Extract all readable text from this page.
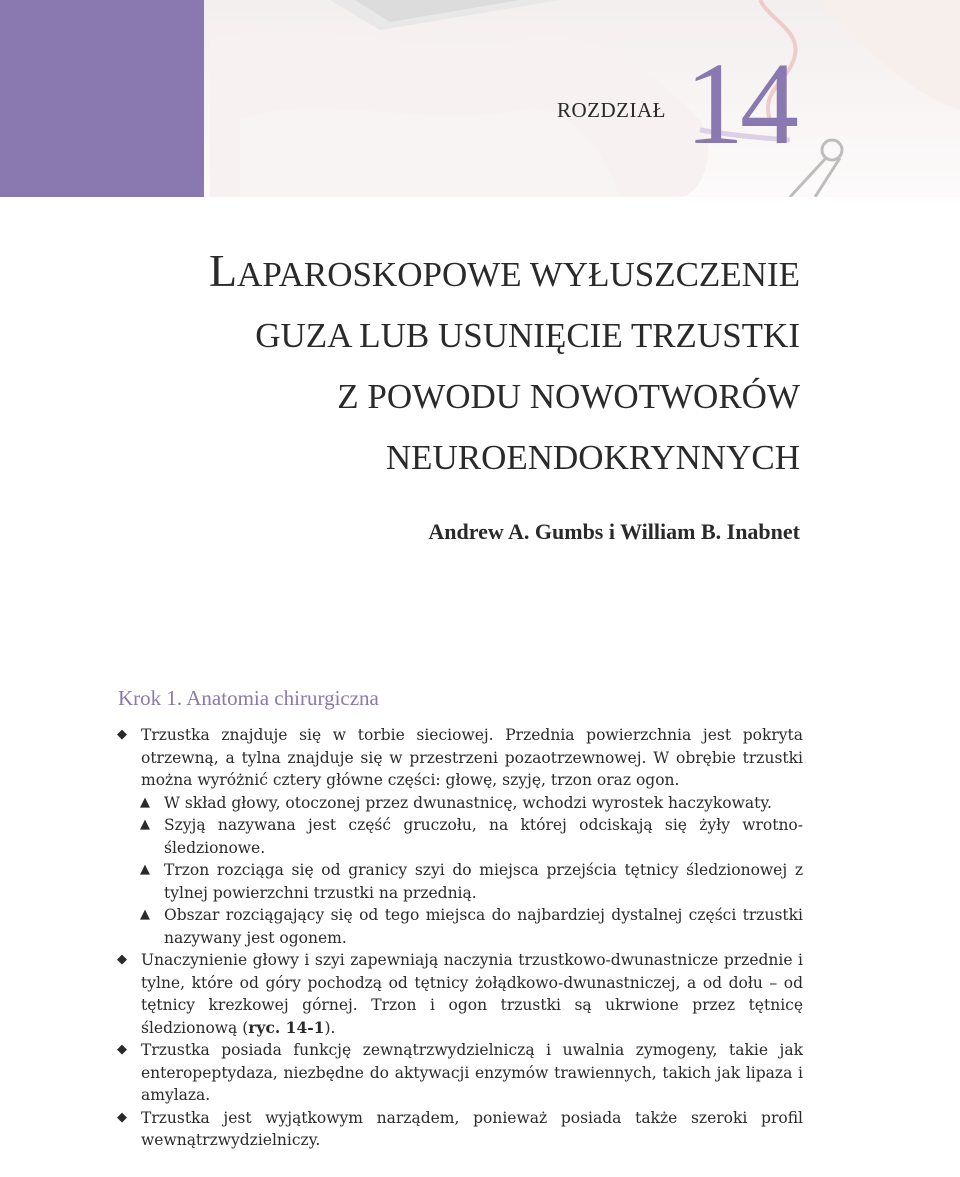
ROZDZIAŁ 14
LAPAROSKOPOWE WYŁUSZCZENIE
GUZA LUB USUNIĘCIE TRZUSTKI
Z POWODU NOWOTWORÓW
NEUROENDOKRYNNYCH
Andrew A. Gumbs i William B. Inabnet
Krok 1. Anatomia chirurgiczna
◆ Trzustka znajduje się w torbie sieciowej. Przednia powierzchnia jest pokryta otrzewną, a tylna znajduje się w przestrzeni pozaotrzewnowej. W obrębie trzustki można wyróżnić cztery główne części: głowę, szyję, trzon oraz ogon.
▲ W skład głowy, otoczonej przez dwunastnicę, wchodzi wyrostek haczykowaty.
▲ Szyją nazywana jest część gruczołu, na której odciskają się żyły wrotno-śledzionowe.
▲ Trzon rozciąga się od granicy szyi do miejsca przejścia tętnicy śledzionowej z tylnej powierzchni trzustki na przednią.
▲ Obszar rozciągający się od tego miejsca do najbardziej dystalnej części trzustki nazywany jest ogonem.
◆ Unaczynienie głowy i szyi zapewniają naczynia trzustkowo-dwunastnicze przednie i tylne, które od góry pochodzą od tętnicy żołądkowo-dwunastniczej, a od dołu – od tętnicy krezkowej górnej. Trzon i ogon trzustki są ukrwione przez tętnicę śledzionową (ryc. 14-1).
◆ Trzustka posiada funkcję zewnątrzwydzielniczą i uwalnia zymogeny, takie jak enteropeptydaza, niezbędne do aktywacji enzymów trawiennych, takich jak lipaza i amylaza.
◆ Trzustka jest wyjątkowym narządem, ponieważ posiada także szeroki profil wewnątrzwydzielniczy.
